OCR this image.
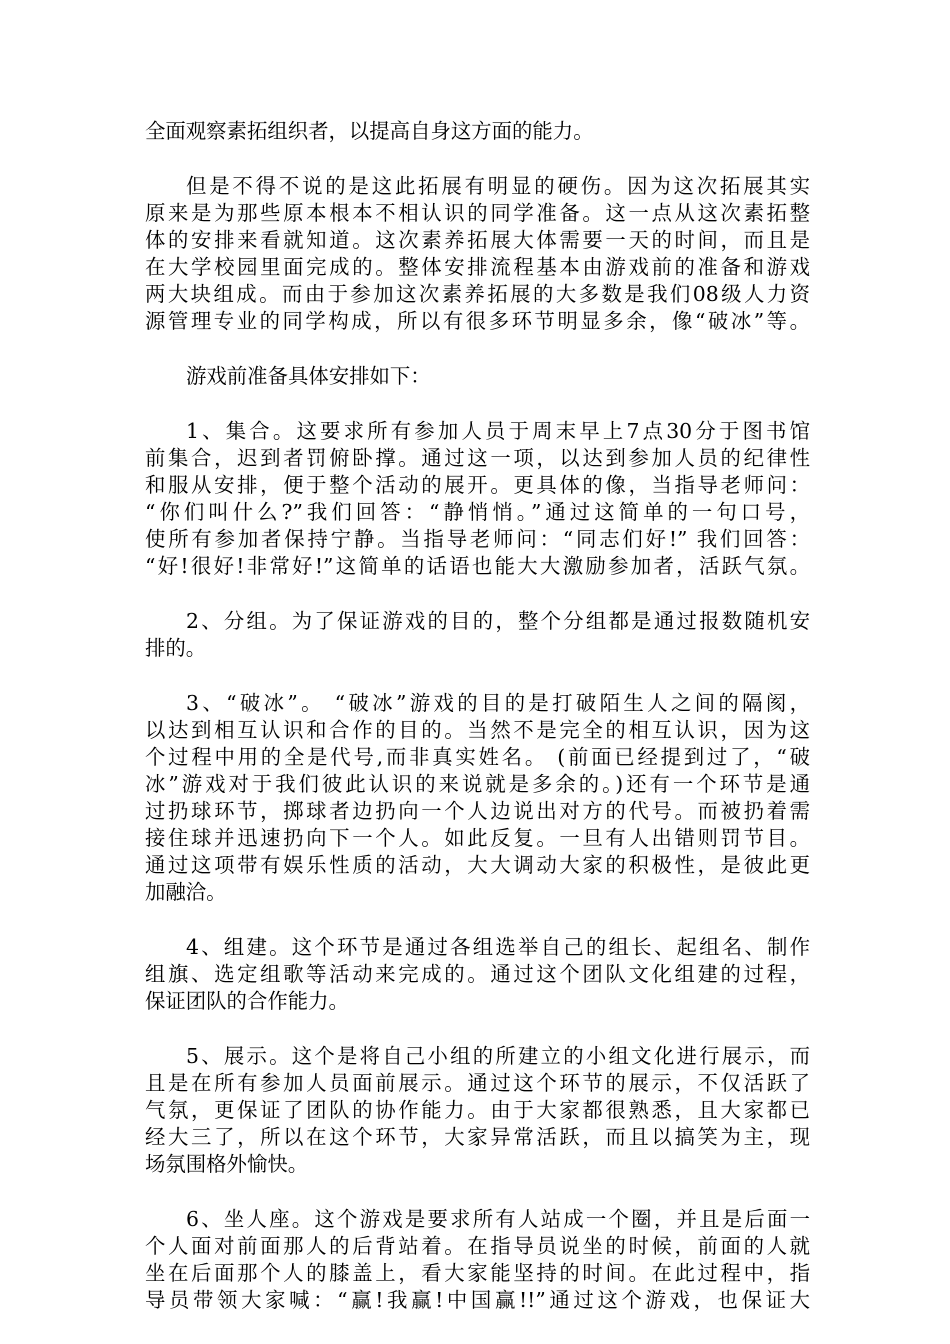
全面观察素拓组织者，以提高自身这方面的能力。

但是不得不说的是这此拓展有明显的硬伤。因为这次拓展其实
原来是为那些原本根本不相认识的同学准备。这一点从这次素拓整
体的安排来看就知道。这次素养拓展大体需要一天的时间，而且是
在大学校园里面完成的。整体安排流程基本由游戏前的准备和游戏
两大块组成。而由于参加这次素养拓展的大多数是我们08级人力资
源管理专业的同学构成，所以有很多环节明显多余，像“破冰”等。

游戏前准备具体安排如下：

1、集合。这要求所有参加人员于周末早上7点30分于图书馆
前集合，迟到者罚俯卧撑。通过这一项，以达到参加人员的纪律性
和服从安排，便于整个活动的展开。更具体的像，当指导老师问：
“你们叫什么?”我们回答：“静悄悄。”通过这简单的一句口号，
使所有参加者保持宁静。当指导老师问：“同志们好!” 我们回答：
“好!很好!非常好!”这简单的话语也能大大激励参加者，活跃气氛。

2、分组。为了保证游戏的目的，整个分组都是通过报数随机安
排的。

3、“破冰”。 “破冰”游戏的目的是打破陌生人之间的隔阂，
以达到相互认识和合作的目的。当然不是完全的相互认识，因为这
个过程中用的全是代号,而非真实姓名。 (前面已经提到过了，“破
冰”游戏对于我们彼此认识的来说就是多余的。)还有一个环节是通
过扔球环节，掷球者边扔向一个人边说出对方的代号。而被扔着需
接住球并迅速扔向下一个人。如此反复。一旦有人出错则罚节目。
通过这项带有娱乐性质的活动，大大调动大家的积极性，是彼此更
加融洽。

4、组建。这个环节是通过各组选举自己的组长、起组名、制作
组旗、选定组歌等活动来完成的。通过这个团队文化组建的过程，
保证团队的合作能力。

5、展示。这个是将自己小组的所建立的小组文化进行展示，而
且是在所有参加人员面前展示。通过这个环节的展示，不仅活跃了
气氛，更保证了团队的协作能力。由于大家都很熟悉，且大家都已
经大三了，所以在这个环节，大家异常活跃，而且以搞笑为主，现
场氛围格外愉快。

6、坐人座。这个游戏是要求所有人站成一个圈，并且是后面一
个人面对前面那人的后背站着。在指导员说坐的时候，前面的人就
坐在后面那个人的膝盖上，看大家能坚持的时间。在此过程中，指
导员带领大家喊：“赢!我赢!中国赢!!”通过这个游戏，也保证大
